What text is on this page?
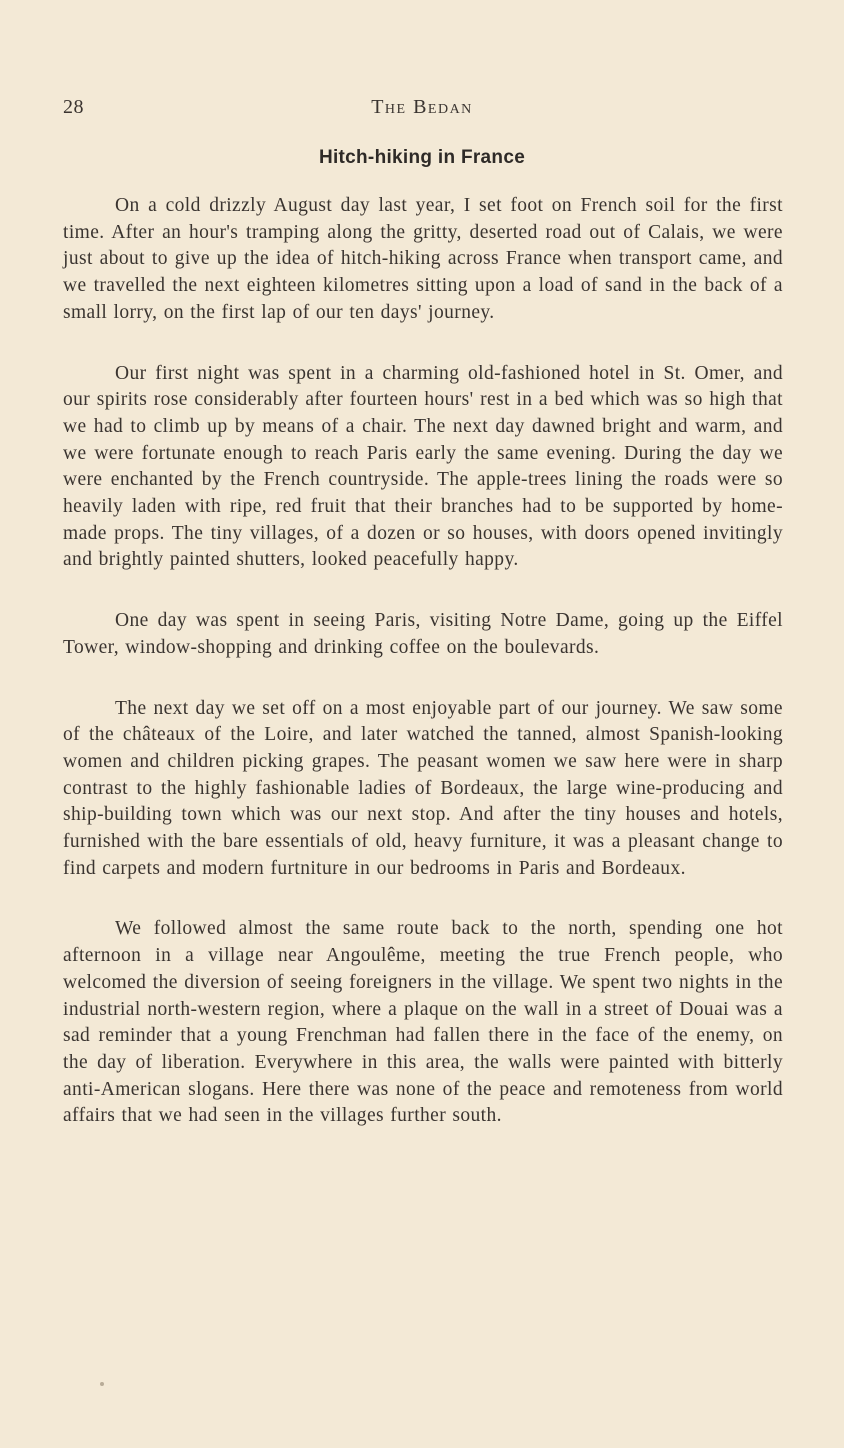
28	The Bedan
Hitch-hiking in France

On a cold drizzly August day last year, I set foot on French soil for the first time. After an hour's tramping along the gritty, deserted road out of Calais, we were just about to give up the idea of hitch-hiking across France when transport came, and we travelled the next eighteen kilometres sitting upon a load of sand in the back of a small lorry, on the first lap of our ten days' journey.

Our first night was spent in a charming old-fashioned hotel in St. Omer, and our spirits rose considerably after fourteen hours' rest in a bed which was so high that we had to climb up by means of a chair. The next day dawned bright and warm, and we were fortunate enough to reach Paris early the same evening. During the day we were enchanted by the French countryside. The apple-trees lining the roads were so heavily laden with ripe, red fruit that their branches had to be supported by home-made props. The tiny villages, of a dozen or so houses, with doors opened invitingly and brightly painted shutters, looked peacefully happy.

One day was spent in seeing Paris, visiting Notre Dame, going up the Eiffel Tower, window-shopping and drinking coffee on the boulevards.

The next day we set off on a most enjoyable part of our journey. We saw some of the châteaux of the Loire, and later watched the tanned, almost Spanish-looking women and children picking grapes. The peasant women we saw here were in sharp contrast to the highly fashionable ladies of Bordeaux, the large wine-producing and ship-building town which was our next stop. And after the tiny houses and hotels, furnished with the bare essentials of old, heavy furniture, it was a pleasant change to find carpets and modern furtniture in our bedrooms in Paris and Bordeaux.

We followed almost the same route back to the north, spending one hot afternoon in a village near Angoulême, meeting the true French people, who welcomed the diversion of seeing foreigners in the village. We spent two nights in the industrial north-western region, where a plaque on the wall in a street of Douai was a sad reminder that a young Frenchman had fallen there in the face of the enemy, on the day of liberation. Everywhere in this area, the walls were painted with bitterly anti-American slogans. Here there was none of the peace and remoteness from world affairs that we had seen in the villages further south.
